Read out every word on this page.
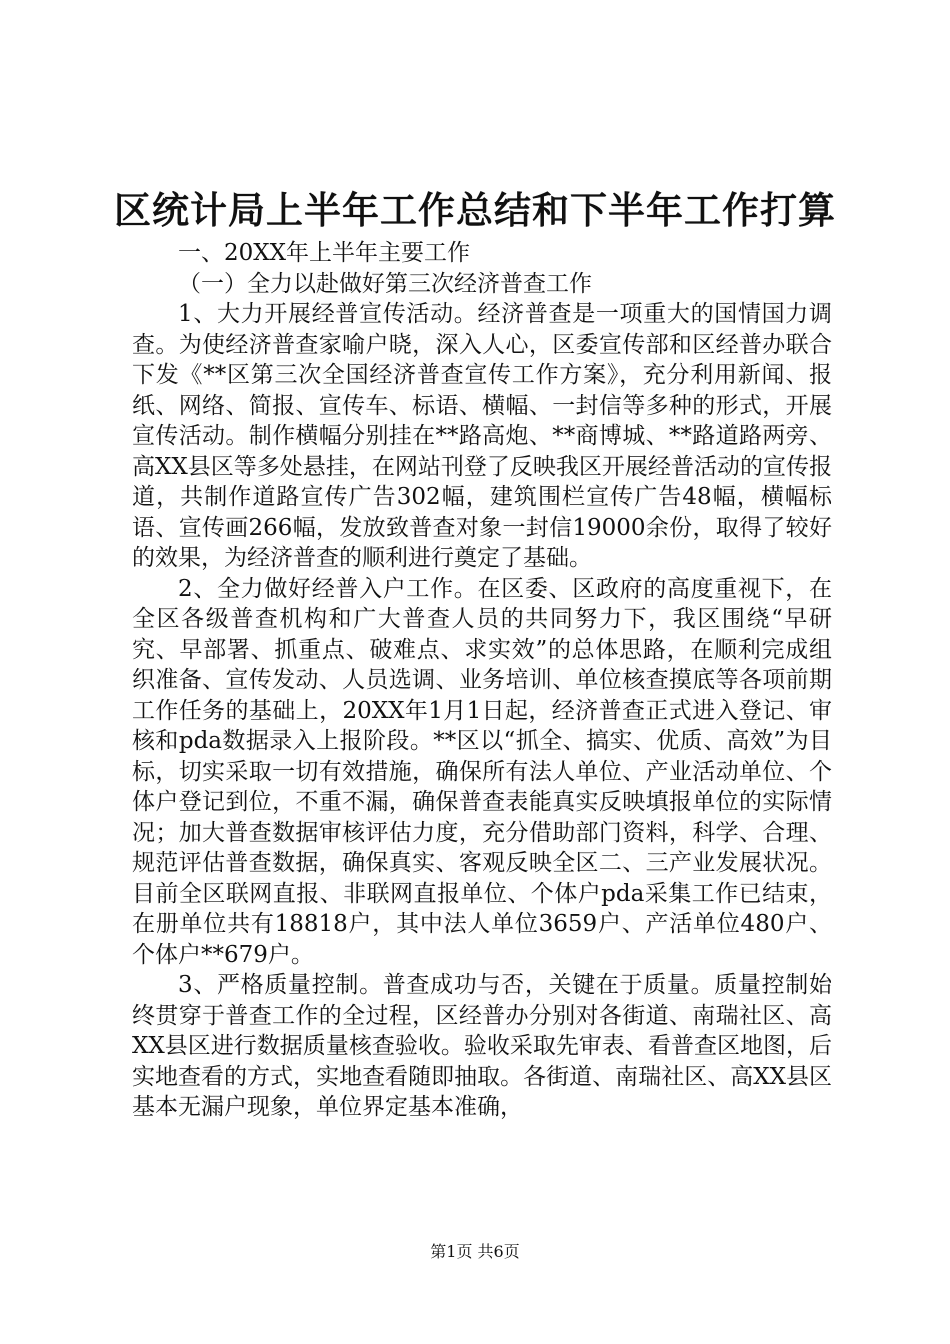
区统计局上半年工作总结和下半年工作打算

一、20XX年上半年主要工作

（一）全力以赴做好第三次经济普查工作

1、大力开展经普宣传活动。经济普查是一项重大的国情国力调查。为使经济普查家喻户晓，深入人心，区委宣传部和区经普办联合下发《**区第三次全国经济普查宣传工作方案》，充分利用新闻、报纸、网络、简报、宣传车、标语、横幅、一封信等多种的形式，开展宣传活动。制作横幅分别挂在**路高炮、**商博城、**路道路两旁、高XX县区等多处悬挂，在网站刊登了反映我区开展经普活动的宣传报道，共制作道路宣传广告302幅，建筑围栏宣传广告48幅，横幅标语、宣传画266幅，发放致普查对象一封信19000余份，取得了较好的效果，为经济普查的顺利进行奠定了基础。

2、全力做好经普入户工作。在区委、区政府的高度重视下，在全区各级普查机构和广大普查人员的共同努力下，我区围绕“早研究、早部署、抓重点、破难点、求实效”的总体思路，在顺利完成组织准备、宣传发动、人员选调、业务培训、单位核查摸底等各项前期工作任务的基础上，20XX年1月1日起，经济普查正式进入登记、审核和pda数据录入上报阶段。**区以“抓全、搞实、优质、高效”为目标，切实采取一切有效措施，确保所有法人单位、产业活动单位、个体户登记到位，不重不漏，确保普查表能真实反映填报单位的实际情况；加大普查数据审核评估力度，充分借助部门资料，科学、合理、规范评估普查数据，确保真实、客观反映全区二、三产业发展状况。目前全区联网直报、非联网直报单位、个体户pda采集工作已结束，在册单位共有18818户，其中法人单位3659户、产活单位480户、个体户**679户。

3、严格质量控制。普查成功与否，关键在于质量。质量控制始终贯穿于普查工作的全过程，区经普办分别对各街道、南瑞社区、高XX县区进行数据质量核查验收。验收采取先审表、看普查区地图，后实地查看的方式，实地查看随即抽取。各街道、南瑞社区、高XX县区基本无漏户现象，单位界定基本准确，

第1页 共6页
